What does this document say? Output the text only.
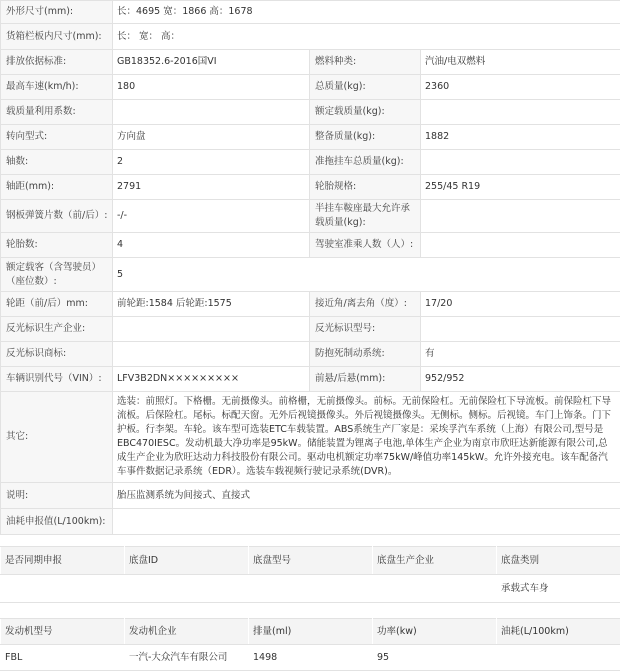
外形尺寸(mm):	长：4695 宽：1866 高：1678		
货箱栏板内尺寸(mm):	长： 宽： 高：		
排放依据标准:	GB18352.6-2016国VI	燃料种类:	汽油/电双燃料
最高车速(km/h):	180	总质量(kg):	2360
载质量利用系数:		额定载质量(kg):	
转向型式:	方向盘	整备质量(kg):	1882
轴数:	2	准拖挂车总质量(kg):	
轴距(mm):	2791	轮胎规格:	255/45 R19
钢板弹簧片数（前/后）:	-/-	半挂车鞍座最大允许承载质量(kg):	
轮胎数:	4	驾驶室准乘人数（人）:	
额定载客（含驾驶员）（座位数）:	5		
轮距（前/后）mm:	前轮距:1584 后轮距:1575	接近角/离去角（度）:	17/20
反光标识生产企业:		反光标识型号:	
反光标识商标:		防抱死制动系统:	有
车辆识别代号（VIN）:	LFV3B2DN×××××××××	前悬/后悬(mm):	952/952
其它:	选装：前照灯。下格栅。无前摄像头。前格栅，无前摄像头。前标。无前保险杠。无前保险杠下导流板。前保险杠下导流板。后保险杠。尾标。标配天窗。无外后视镜摄像头。外后视镜摄像头。无侧标。侧标。后视镜。车门上饰条。门下护板。行李架。车轮。该车型可选装ETC车载装置。ABS系统生产厂家是：采埃孚汽车系统（上海）有限公司,型号是EBC470IESC。发动机最大净功率是95kW。储能装置为锂离子电池,单体生产企业为南京市欣旺达新能源有限公司,总成生产企业为欣旺达动力科技股份有限公司。驱动电机额定功率75kW/峰值功率145kW。允许外接充电。该车配备汽车事件数据记录系统（EDR）。选装车载视频行驶记录系统(DVR)。		
说明:	胎压监测系统为间接式、直接式		
油耗申报值(L/100km):			
是否同期申报	底盘ID	底盘型号	底盘生产企业	底盘类别
				承载式车身
发动机型号	发动机企业	排量(ml)	功率(kw)	油耗(L/100km)
FBL	一汽-大众汽车有限公司	1498	95	
